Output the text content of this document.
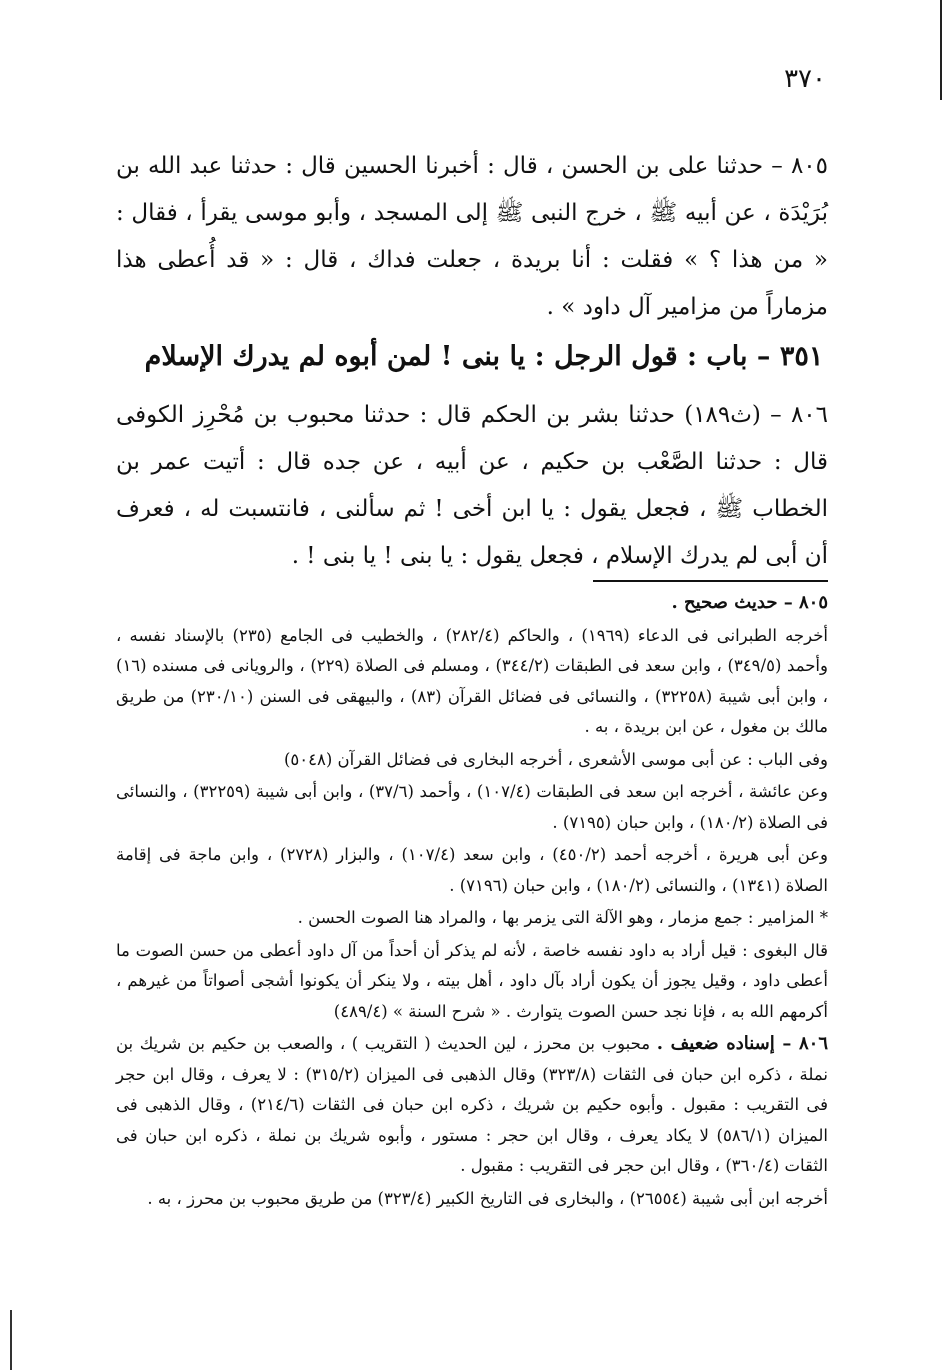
٣٧٠
٨٠٥ – حدثنا على بن الحسن ، قال : أخبرنا الحسين قال : حدثنا عبد الله بن بُرَيْدَة ، عن أبيه ﷺ ، خرج النبى ﷺ إلى المسجد ، وأبو موسى يقرأ ، فقال : « من هذا ؟ » فقلت : أنا بريدة ، جعلت فداك ، قال : « قد أُعطى هذا مزماراً من مزامير آل داود » .
٣٥١ – باب : قول الرجل : يا بنى ! لمن أبوه لم يدرك الإسلام
٨٠٦ – (ث١٨٩) حدثنا بشر بن الحكم قال : حدثنا محبوب بن مُحْرِز الكوفى قال : حدثنا الصَّعْب بن حكيم ، عن أبيه ، عن جده قال : أتيت عمر بن الخطاب ﷺ ، فجعل يقول : يا ابن أخى ! ثم سألنى ، فانتسبت له ، فعرف أن أبى لم يدرك الإسلام ، فجعل يقول : يا بنى ! يا بنى ! .

٨٠٥ – حديث صحيح .

أخرجه الطبرانى فى الدعاء (١٩٦٩) ، والحاكم (٢٨٢/٤) ، والخطيب فى الجامع (٢٣٥) بالإسناد نفسه ، وأحمد (٣٤٩/٥) ، وابن سعد فى الطبقات (٣٤٤/٢) ، ومسلم فى الصلاة (٢٢٩) ، والرويانى فى مسنده (١٦) ، وابن أبى شيبة (٣٢٢٥٨) ، والنسائى فى فضائل القرآن (٨٣) ، والبيهقى فى السنن (٢٣٠/١٠) من طريق مالك بن مغول ، عن ابن بريدة ، به .

وفى الباب : عن أبى موسى الأشعرى ، أخرجه البخارى فى فضائل القرآن (٥٠٤٨)

وعن عائشة ، أخرجه ابن سعد فى الطبقات (١٠٧/٤) ، وأحمد (٣٧/٦) ، وابن أبى شيبة (٣٢٢٥٩) ، والنسائى فى الصلاة (١٨٠/٢) ، وابن حبان (٧١٩٥) .

وعن أبى هريرة ، أخرجه أحمد (٤٥٠/٢) ، وابن سعد (١٠٧/٤) ، والبزار (٢٧٢٨) ، وابن ماجة فى إقامة الصلاة (١٣٤١) ، والنسائى (١٨٠/٢) ، وابن حبان (٧١٩٦) .

* المزامير : جمع مزمار ، وهو الآلة التى يزمر بها ، والمراد هنا الصوت الحسن .

قال البغوى : قيل أراد به داود نفسه خاصة ، لأنه لم يذكر أن أحداً من آل داود أعطى من حسن الصوت ما أعطى داود ، وقيل يجوز أن يكون أراد بآل داود ، أهل بيته ، ولا ينكر أن يكونوا أشجى أصواتاً من غيرهم ، أكرمهم الله به ، فإنا نجد حسن الصوت يتوارث . « شرح السنة » (٤٨٩/٤)

٨٠٦ – إسناده ضعيف . محبوب بن محرز ، لين الحديث ( التقريب ) ، والصعب بن حكيم بن شريك بن نملة ، ذكره ابن حبان فى الثقات (٣٢٣/٨) وقال الذهبى فى الميزان (٣١٥/٢) : لا يعرف ، وقال ابن حجر فى التقريب : مقبول . وأبوه حكيم بن شريك ، ذكره ابن حبان فى الثقات (٢١٤/٦) ، وقال الذهبى فى الميزان (٥٨٦/١) لا يكاد يعرف ، وقال ابن حجر : مستور ، وأبوه شريك بن نملة ، ذكره ابن حبان فى الثقات (٣٦٠/٤) ، وقال ابن حجر فى التقريب : مقبول .

أخرجه ابن أبى شيبة (٢٦٥٥٤) ، والبخارى فى التاريخ الكبير (٣٢٣/٤) من طريق محبوب بن محرز ، به .
